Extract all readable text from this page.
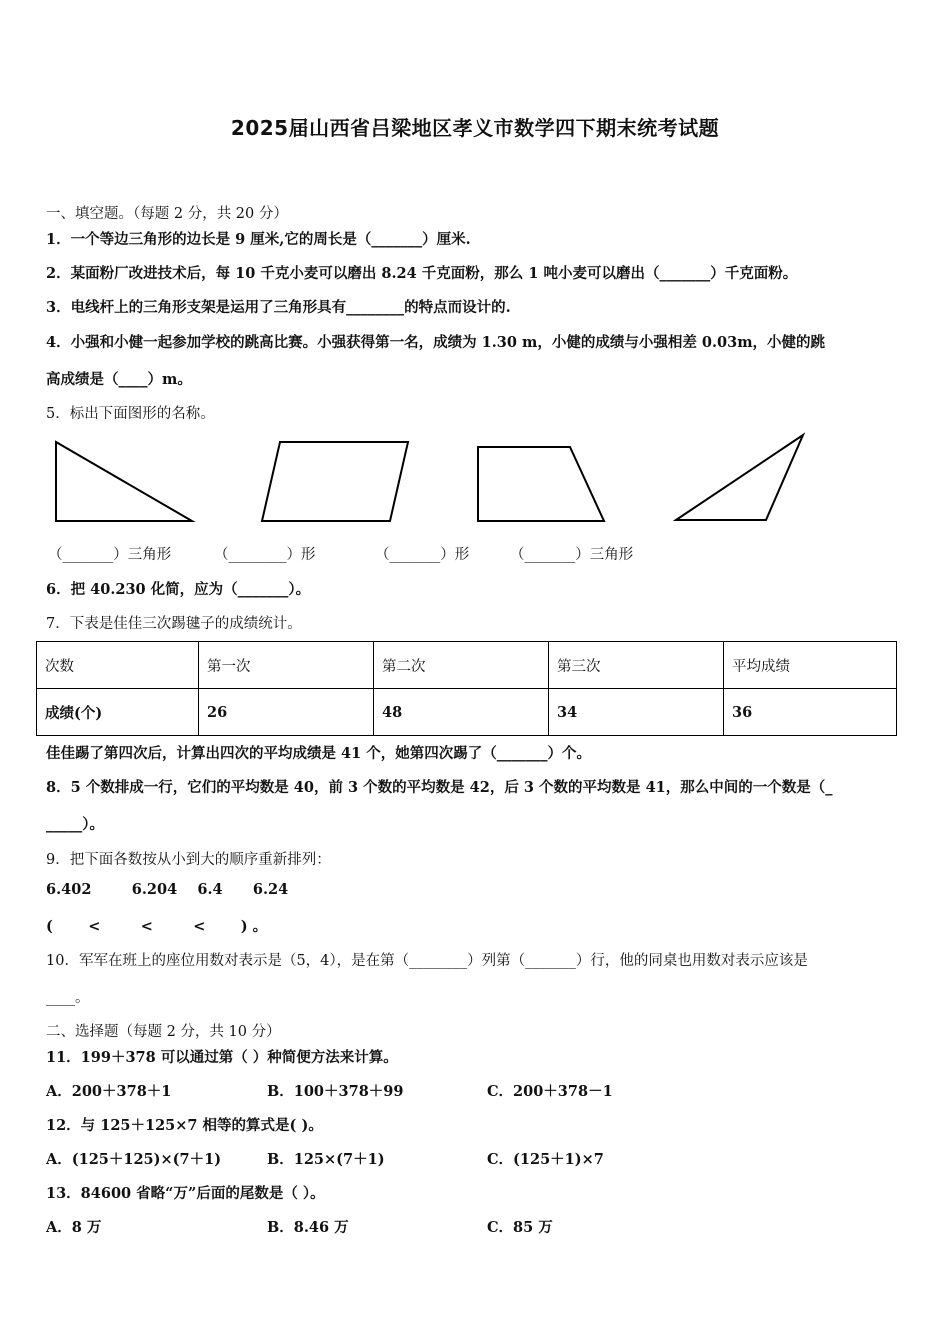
2025届山西省吕梁地区孝义市数学四下期末统考试题
一、填空题。（每题 2 分，共 20 分）
1．一个等边三角形的边长是 9 厘米,它的周长是（_______）厘米.
2．某面粉厂改进技术后，每 10 千克小麦可以磨出 8.24 千克面粉，那么 1 吨小麦可以磨出（_______）千克面粉。
3．电线杆上的三角形支架是运用了三角形具有________的特点而设计的.
4．小强和小健一起参加学校的跳高比赛。小强获得第一名，成绩为 1.30 m，小健的成绩与小强相差 0.03m，小健的跳
高成绩是（____）m。
5．标出下面图形的名称。
（_______）三角形	（________）形	（_______）形	（_______）三角形
6．把 40.230 化简，应为（_______）。
7．下表是佳佳三次踢毽子的成绩统计。
次数	第一次	第二次	第三次	平均成绩
成绩(个)	26	48	34	36
佳佳踢了第四次后，计算出四次的平均成绩是 41 个，她第四次踢了（_______）个。
8．5 个数排成一行，它们的平均数是 40，前 3 个数的平均数是 42，后 3 个数的平均数是 41，那么中间的一个数是（_
_____）。
9．把下面各数按从小到大的顺序重新排列：
6.402        6.204    6.4      6.24
(       <        <        <       ) 。
10．军军在班上的座位用数对表示是（5，4），是在第（________）列第（_______）行，他的同桌也用数对表示应该是
____。
二、选择题（每题 2 分，共 10 分）
11．199＋378 可以通过第（ ）种简便方法来计算。
A．200＋378＋1	B．100＋378＋99	C．200＋378－1
12．与 125＋125×7 相等的算式是( )。
A．(125＋125)×(7＋1)	B．125×(7＋1)	C．(125＋1)×7
13．84600 省略“万”后面的尾数是（ ）。
A．8 万	B．8.46 万	C．85 万
